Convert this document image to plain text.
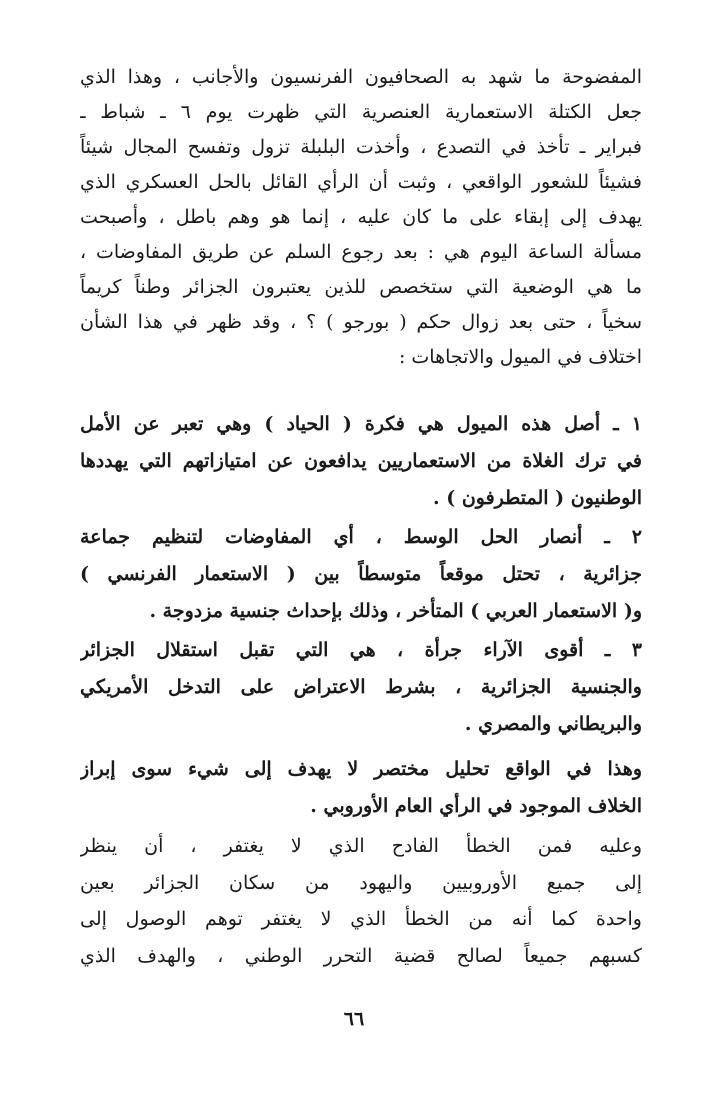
المفضوحة ما شهد به الصحافيون الفرنسيون والأجانب ، وهذا الذي
جعل الكتلة الاستعمارية العنصرية التي ظهرت يوم ٦ ـ شباط ـ
فبراير ـ تأخذ في التصدع ، وأخذت البلبلة تزول وتفسح المجال شيئاً
فشيئاً للشعور الواقعي ، وثبت أن الرأي القائل بالحل العسكري الذي
يهدف إلى إبقاء على ما كان عليه ، إنما هو وهم باطل ، وأصبحت
مسألة الساعة اليوم هي : بعد رجوع السلم عن طريق المفاوضات ،
ما هي الوضعية التي ستخصص للذين يعتبرون الجزائر وطناً كريماً
سخياً ، حتى بعد زوال حكم ( بورجو ) ؟ ، وقد ظهر في هذا الشأن
اختلاف في الميول والاتجاهات :
١ ـ أصل هذه الميول هي فكرة ( الحياد ) وهي تعبر عن الأمل
في ترك الغلاة من الاستعماريين يدافعون عن امتيازاتهم التي يهددها
الوطنيون ( المتطرفون ) .
٢ ـ أنصار الحل الوسط ، أي المفاوضات لتنظيم جماعة
جزائرية ، تحتل موقعاً متوسطاً بين ( الاستعمار الفرنسي )
و( الاستعمار العربي ) المتأخر ، وذلك بإحداث جنسية مزدوجة .
٣ ـ أقوى الآراء جرأة ، هي التي تقبل استقلال الجزائر
والجنسية الجزائرية ، بشرط الاعتراض على التدخل الأمريكي
والبريطاني والمصري .
وهذا في الواقع تحليل مختصر لا يهدف إلى شيء سوى إبراز
الخلاف الموجود في الرأي العام الأوروبي .
وعليه فمن الخطأ الفادح الذي لا يغتفر ، أن ينظر
إلى جميع الأوروبيين واليهود من سكان الجزائر بعين
واحدة كما أنه من الخطأ الذي لا يغتفر توهم الوصول إلى
كسبهم جميعاً لصالح قضية التحرر الوطني ، والهدف الذي
٦٦
